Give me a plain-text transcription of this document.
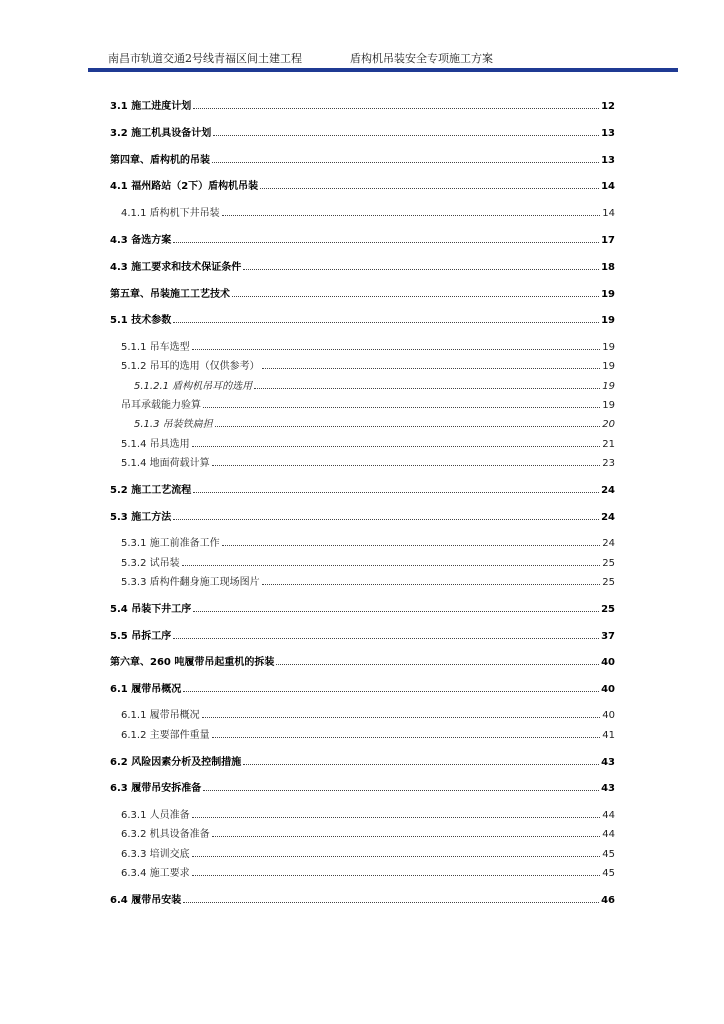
南昌市轨道交通2号线青福区间土建工程	盾构机吊装安全专项施工方案
3.1 施工进度计划	12
3.2 施工机具设备计划	13
第四章、盾构机的吊装	13
4.1 福州路站（2下）盾构机吊装	14
4.1.1 盾构机下井吊装	14
4.3 备选方案	17
4.3 施工要求和技术保证条件	18
第五章、吊装施工工艺技术	19
5.1 技术参数	19
5.1.1 吊车选型	19
5.1.2 吊耳的选用（仅供参考）	19
5.1.2.1 盾构机吊耳的选用	19
吊耳承载能力验算	19
5.1.3 吊装铁扁担	20
5.1.4 吊具选用	21
5.1.4 地面荷载计算	23
5.2 施工工艺流程	24
5.3 施工方法	24
5.3.1 施工前准备工作	24
5.3.2 试吊装	25
5.3.3 盾构件翻身施工现场图片	25
5.4 吊装下井工序	25
5.5 吊拆工序	37
第六章、260 吨履带吊起重机的拆装	40
6.1 履带吊概况	40
6.1.1 履带吊概况	40
6.1.2 主要部件重量	41
6.2 风险因素分析及控制措施	43
6.3 履带吊安拆准备	43
6.3.1 人员准备	44
6.3.2 机具设备准备	44
6.3.3 培训交底	45
6.3.4 施工要求	45
6.4 履带吊安装	46
